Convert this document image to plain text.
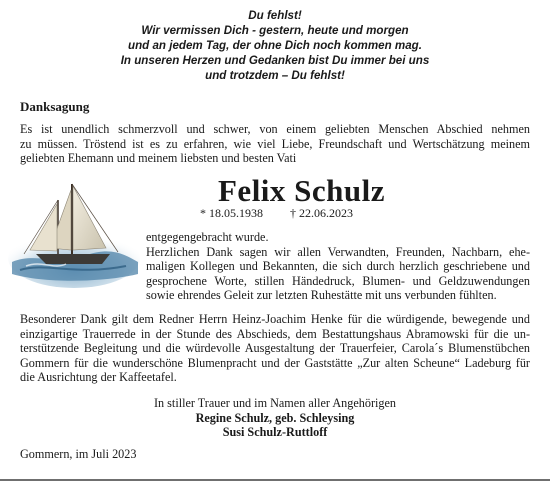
Du fehlst!
Wir vermissen Dich - gestern, heute und morgen
und an jedem Tag, der ohne Dich noch kommen mag.
In unseren Herzen und Gedanken bist Du immer bei uns
und trotzdem – Du fehlst!
Danksagung
Es ist unendlich schmerzvoll und schwer, von einem geliebten Menschen Abschied nehmen
zu müssen. Tröstend ist es zu erfahren, wie viel Liebe, Freundschaft und Wertschätzung meinem
geliebten Ehemann und meinem liebsten und besten Vati
Felix Schulz
* 18.05.1938 † 22.06.2023
entgegengebracht wurde.
Herzlichen Dank sagen wir allen Verwandten, Freunden, Nachbarn, ehe-
maligen Kollegen und Bekannten, die sich durch herzlich geschriebene und
gesprochene Worte, stillen Händedruck, Blumen- und Geldzuwendungen
sowie ehrendes Geleit zur letzten Ruhestätte mit uns verbunden fühlten.
Besonderer Dank gilt dem Redner Herrn Heinz-Joachim Henke für die würdigende, bewegende und
einzigartige Trauerrede in der Stunde des Abschieds, dem Bestattungshaus Abramowski für die un-
terstützende Begleitung und die würdevolle Ausgestaltung der Trauerfeier, Carola´s Blumenstübchen
Gommern für die wunderschöne Blumenpracht und der Gaststätte „Zur alten Scheune“ Ladeburg für
die Ausrichtung der Kaffeetafel.
In stiller Trauer und im Namen aller Angehörigen
Regine Schulz, geb. Schleysing
Susi Schulz-Ruttloff
Gommern, im Juli 2023
